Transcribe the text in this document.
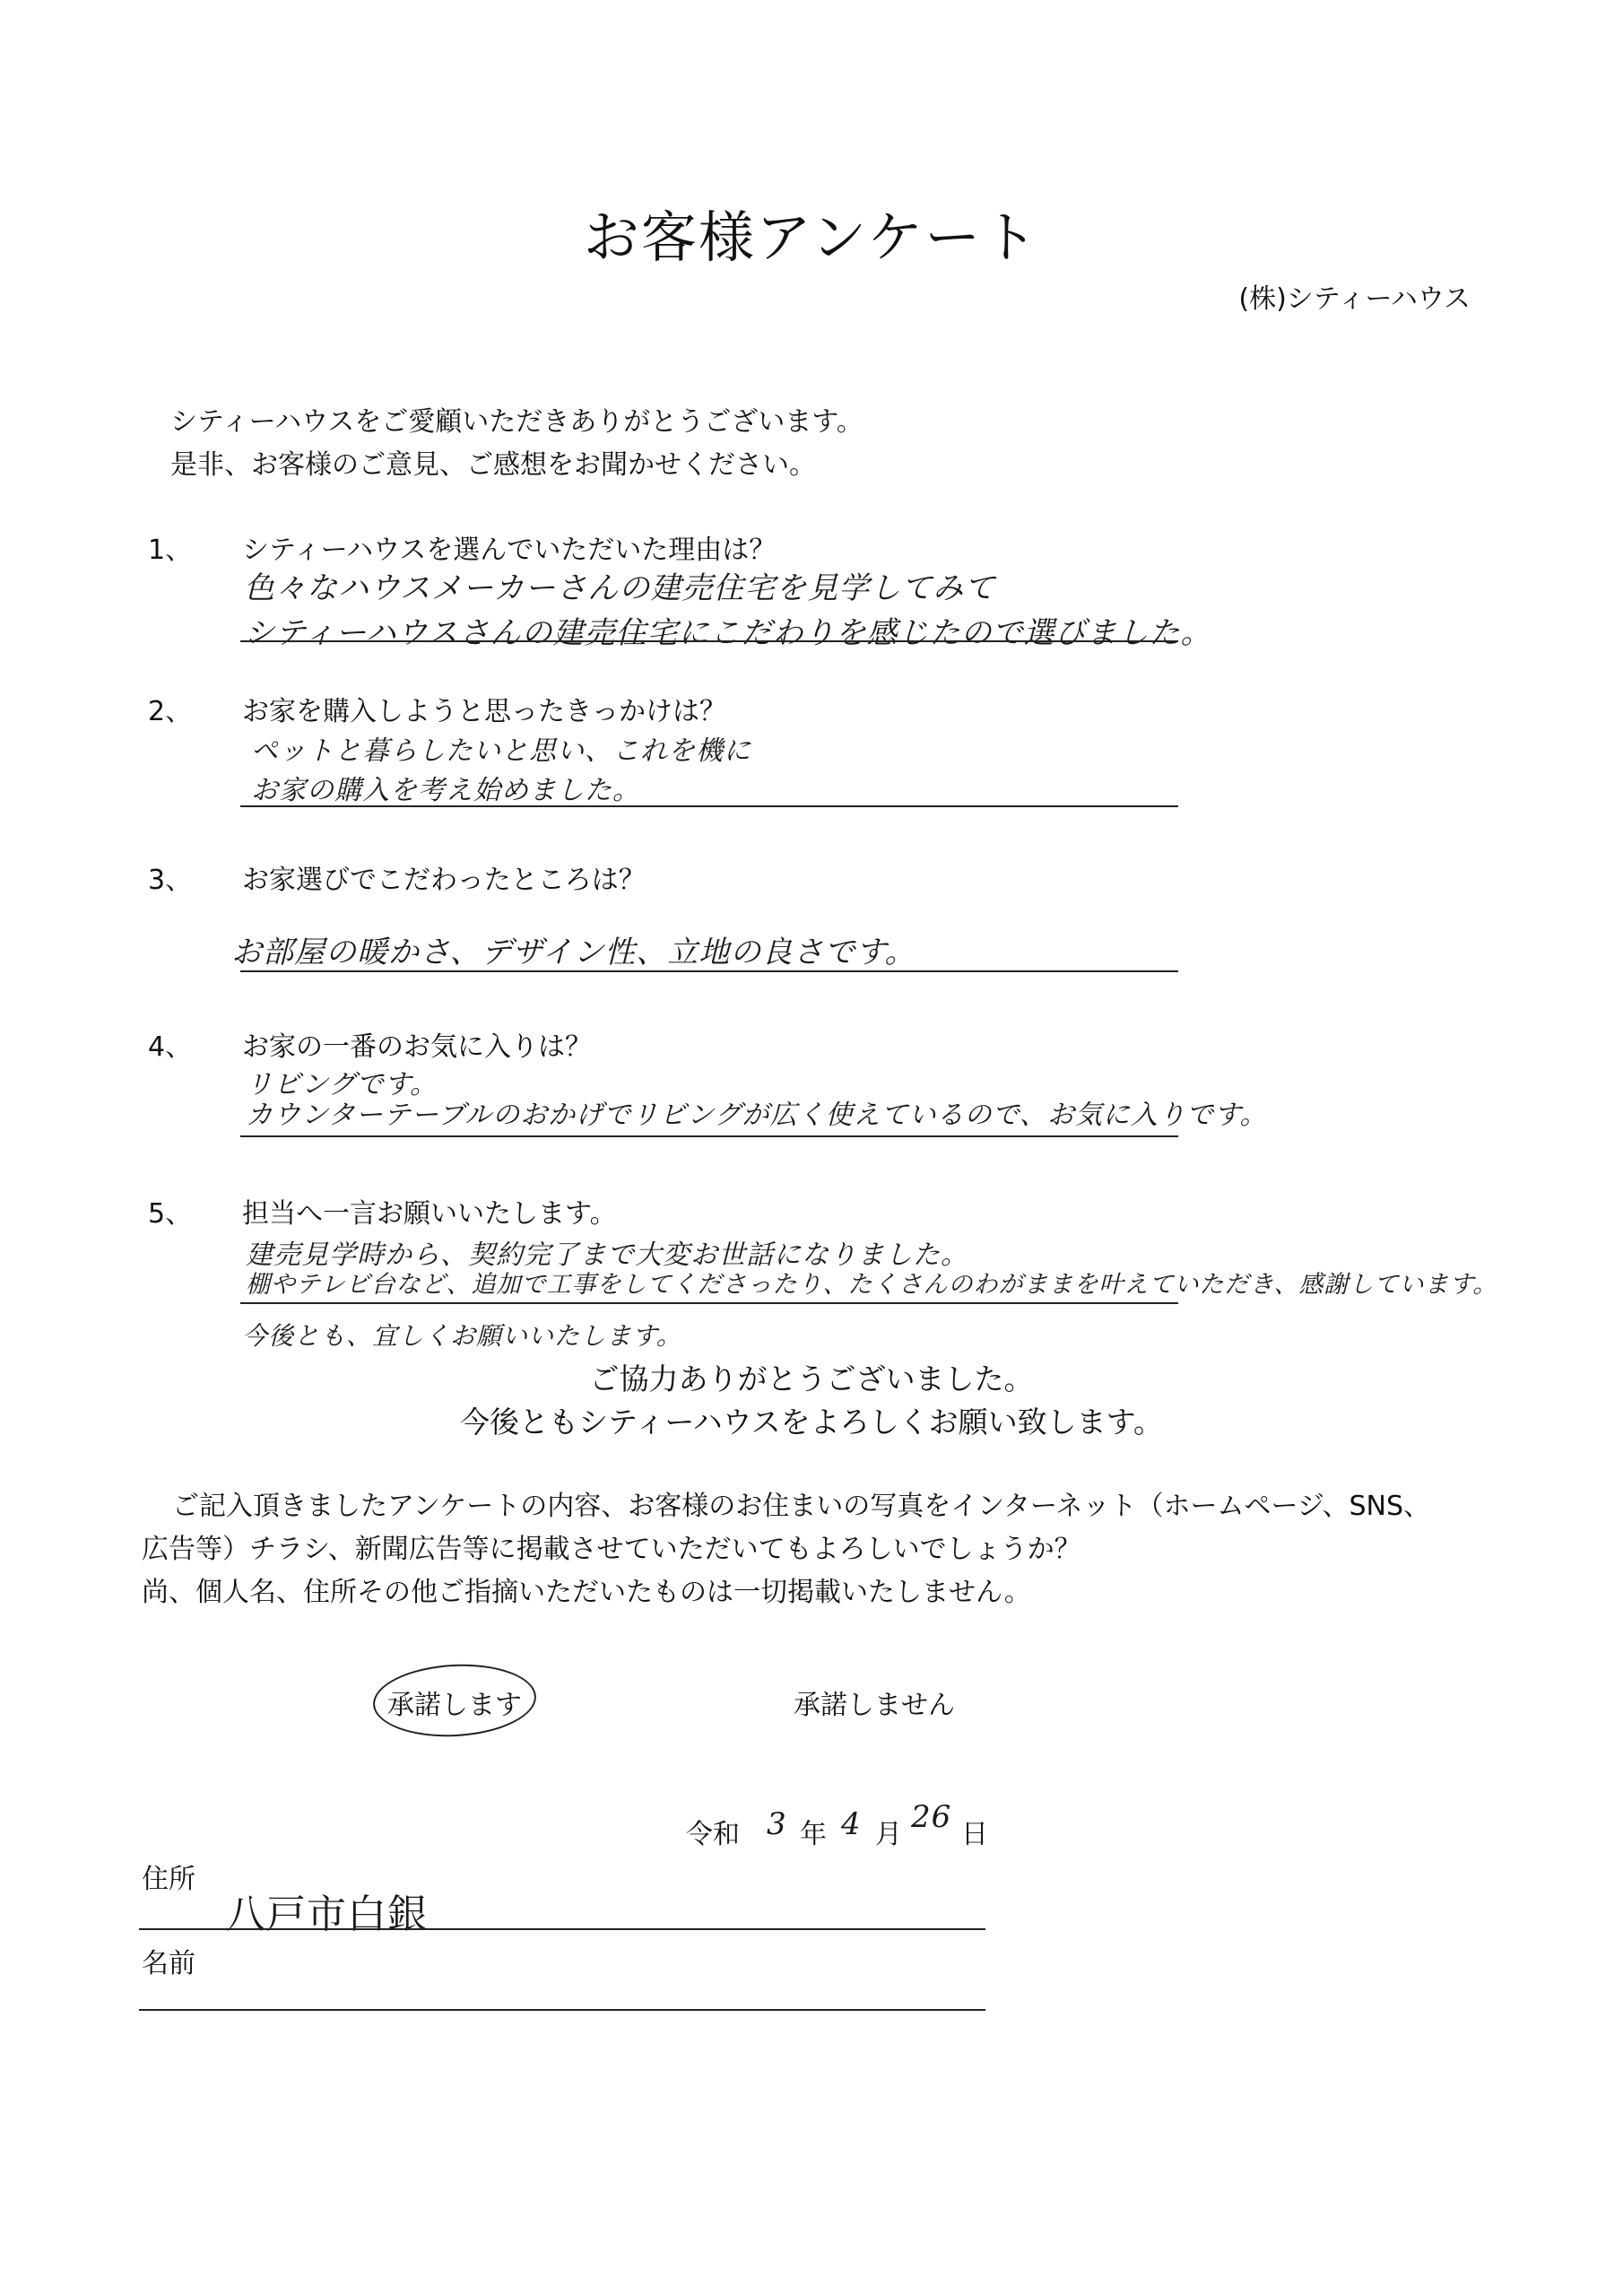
お客様アンケート
(株)シティーハウス
シティーハウスをご愛顧いただきありがとうございます。
是非、お客様のご意見、ご感想をお聞かせください。
1、 シティーハウスを選んでいただいた理由は？
色々なハウスメーカーさんの建売住宅を見学してみて
シティーハウスさんの建売住宅にこだわりを感じたので選びました。
2、 お家を購入しようと思ったきっかけは？
ペットと暮らしたいと思い、これを機に
お家の購入を考え始めました。
3、 お家選びでこだわったところは？
お部屋の暖かさ、デザイン性、立地の良さです。
4、 お家の一番のお気に入りは？
リビングです。
カウンターテーブルのおかげでリビングが広く使えているので、お気に入りです。
5、 担当へ一言お願いいたします。
建売見学時から、契約完了まで大変お世話になりました。
棚やテレビ台など、追加で工事をしてくださったり、たくさんのわがままを叶えていただき、感謝しています。
今後とも、宜しくお願いいたします。
ご協力ありがとうございました。
今後ともシティーハウスをよろしくお願い致します。
ご記入頂きましたアンケートの内容、お客様のお住まいの写真をインターネット（ホームページ、SNS、
広告等）チラシ、新聞広告等に掲載させていただいてもよろしいでしょうか？
尚、個人名、住所その他ご指摘いただいたものは一切掲載いたしません。
承諾します	承諾しません
令和 3 年 4 月 26 日
住所
八戸市白銀
名前
